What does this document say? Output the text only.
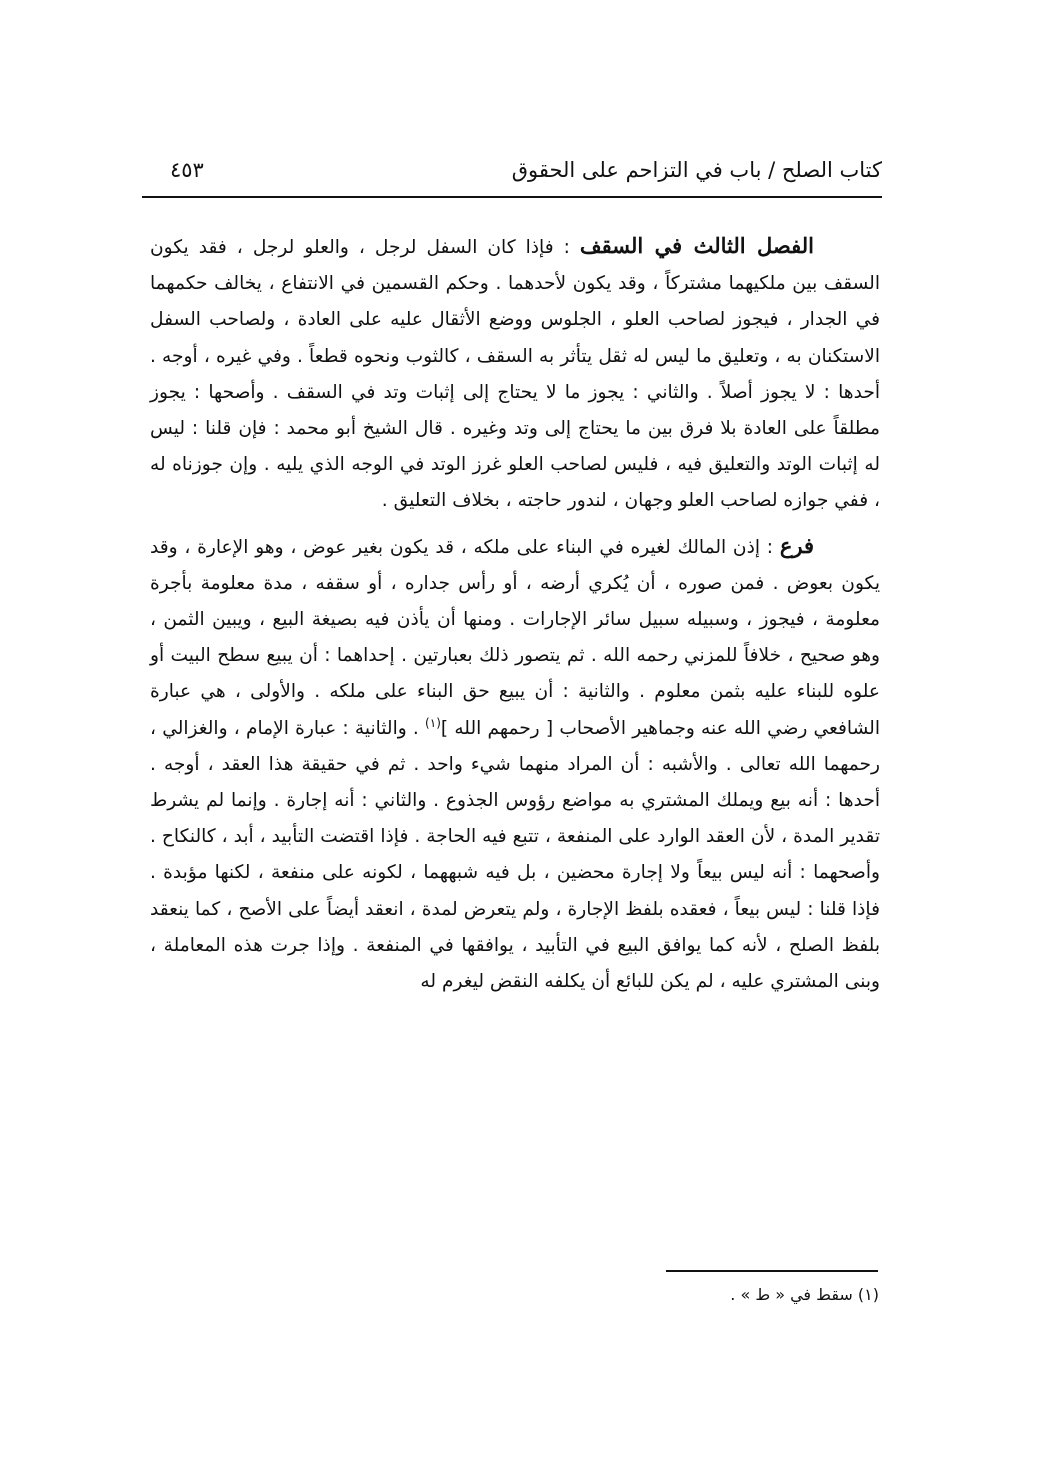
كتاب الصلح / باب في التزاحم على الحقوق
٤٥٣

الفصل الثالث في السقف : فإذا كان السفل لرجل ، والعلو لرجل ، فقد يكون السقف بين ملكيهما مشتركاً ، وقد يكون لأحدهما . وحكم القسمين في الانتفاع ، يخالف حكمهما في الجدار ، فيجوز لصاحب العلو ، الجلوس ووضع الأثقال عليه على العادة ، ولصاحب السفل الاستكنان به ، وتعليق ما ليس له ثقل يتأثر به السقف ، كالثوب ونحوه قطعاً . وفي غيره ، أوجه . أحدها : لا يجوز أصلاً . والثاني : يجوز ما لا يحتاج إلى إثبات وتد في السقف . وأصحها : يجوز مطلقاً على العادة بلا فرق بين ما يحتاج إلى وتد وغيره . قال الشيخ أبو محمد : فإن قلنا : ليس له إثبات الوتد والتعليق فيه ، فليس لصاحب العلو غرز الوتد في الوجه الذي يليه . وإن جوزناه له ، ففي جوازه لصاحب العلو وجهان ، لندور حاجته ، بخلاف التعليق .

فرع : إذن المالك لغيره في البناء على ملكه ، قد يكون بغير عوض ، وهو الإعارة ، وقد يكون بعوض . فمن صوره ، أن يُكري أرضه ، أو رأس جداره ، أو سقفه ، مدة معلومة بأجرة معلومة ، فيجوز ، وسبيله سبيل سائر الإجارات . ومنها أن يأذن فيه بصيغة البيع ، ويبين الثمن ، وهو صحيح ، خلافاً للمزني رحمه الله . ثم يتصور ذلك بعبارتين . إحداهما : أن يبيع سطح البيت أو علوه للبناء عليه بثمن معلوم . والثانية : أن يبيع حق البناء على ملكه . والأولى ، هي عبارة الشافعي رضي الله عنه وجماهير الأصحاب [ رحمهم الله ]$^{(١)}$ . والثانية : عبارة الإمام ، والغزالي ، رحمهما الله تعالى . والأشبه : أن المراد منهما شيء واحد . ثم في حقيقة هذا العقد ، أوجه . أحدها : أنه بيع ويملك المشتري به مواضع رؤوس الجذوع . والثاني : أنه إجارة . وإنما لم يشرط تقدير المدة ، لأن العقد الوارد على المنفعة ، تتبع فيه الحاجة . فإذا اقتضت التأبيد ، أبد ، كالنكاح . وأصحهما : أنه ليس بيعاً ولا إجارة محضين ، بل فيه شبههما ، لكونه على منفعة ، لكنها مؤبدة . فإذا قلنا : ليس بيعاً ، فعقده بلفظ الإجارة ، ولم يتعرض لمدة ، انعقد أيضاً على الأصح ، كما ينعقد بلفظ الصلح ، لأنه كما يوافق البيع في التأبيد ، يوافقها في المنفعة . وإذا جرت هذه المعاملة ، وبنى المشتري عليه ، لم يكن للبائع أن يكلفه النقض ليغرم له

(١) سقط في « ط » .
